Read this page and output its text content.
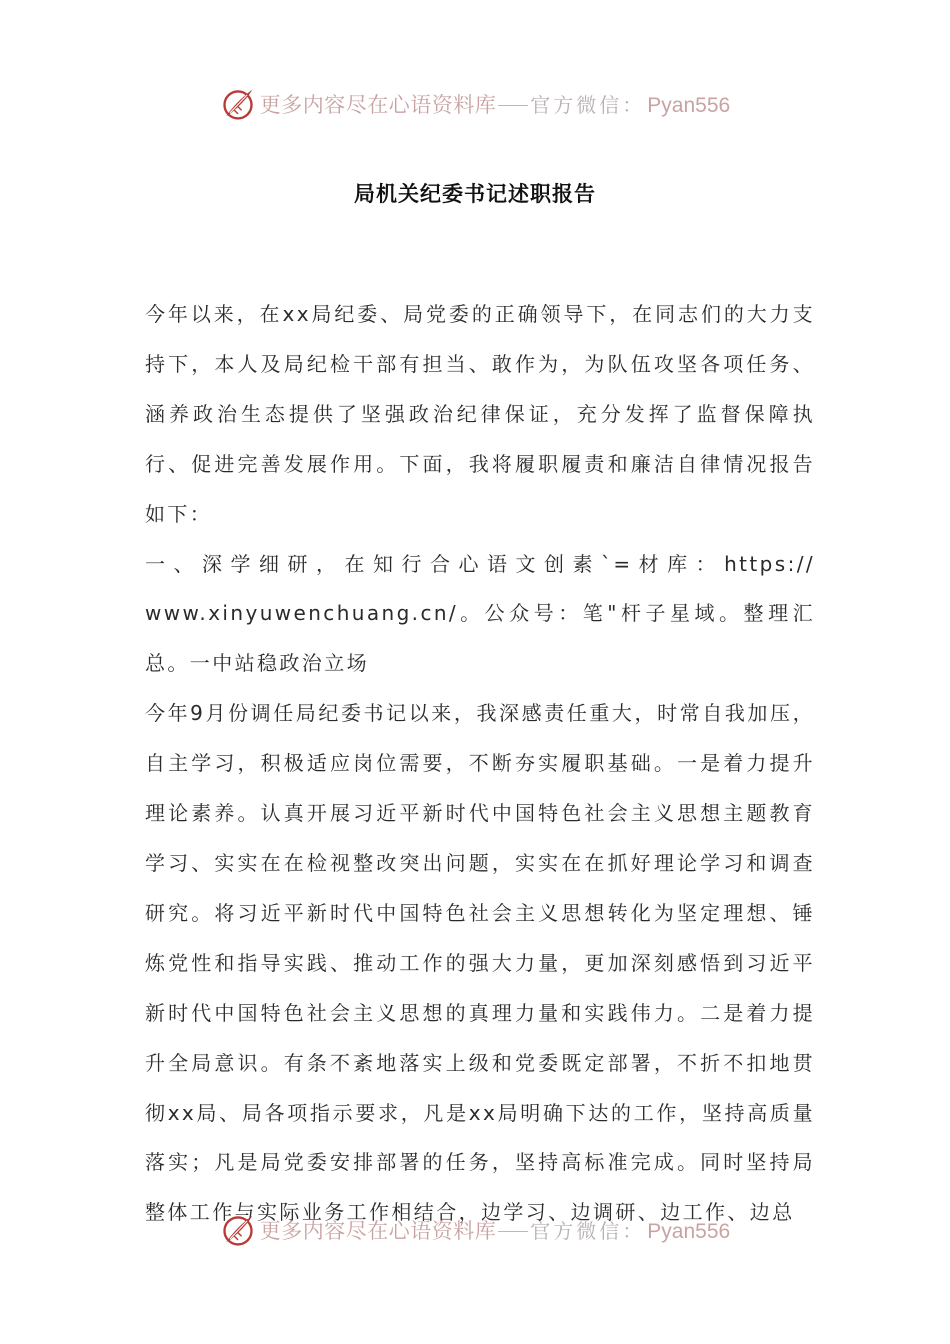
更多内容尽在心语资料库 官方微信： Pyan556
局机关纪委书记述职报告

今年以来，在xx局纪委、局党委的正确领导下，在同志们的大力支持下，本人及局纪检干部有担当、敢作为，为队伍攻坚各项任务、涵养政治生态提供了坚强政治纪律保证，充分发挥了监督保障执行、促进完善发展作用。下面，我将履职履责和廉洁自律情况报告如下：

一、深学细研，在知行合心语文创素`=材库：https://

www.xinyuwenchuang.cn/。公众号：笔"杆子星域。整理汇总。一中站稳政治立场

今年9月份调任局纪委书记以来，我深感责任重大，时常自我加压，自主学习，积极适应岗位需要，不断夯实履职基础。一是着力提升理论素养。认真开展习近平新时代中国特色社会主义思想主题教育学习、实实在在检视整改突出问题，实实在在抓好理论学习和调查研究。将习近平新时代中国特色社会主义思想转化为坚定理想、锤炼党性和指导实践、推动工作的强大力量，更加深刻感悟到习近平新时代中国特色社会主义思想的真理力量和实践伟力。二是着力提升全局意识。有条不紊地落实上级和党委既定部署，不折不扣地贯彻xx局、局各项指示要求，凡是xx局明确下达的工作，坚持高质量落实；凡是局党委安排部署的任务，坚持高标准完成。同时坚持局整体工作与实际业务工作相结合，边学习、边调研、边工作、边总

更多内容尽在心语资料库 官方微信： Pyan556
